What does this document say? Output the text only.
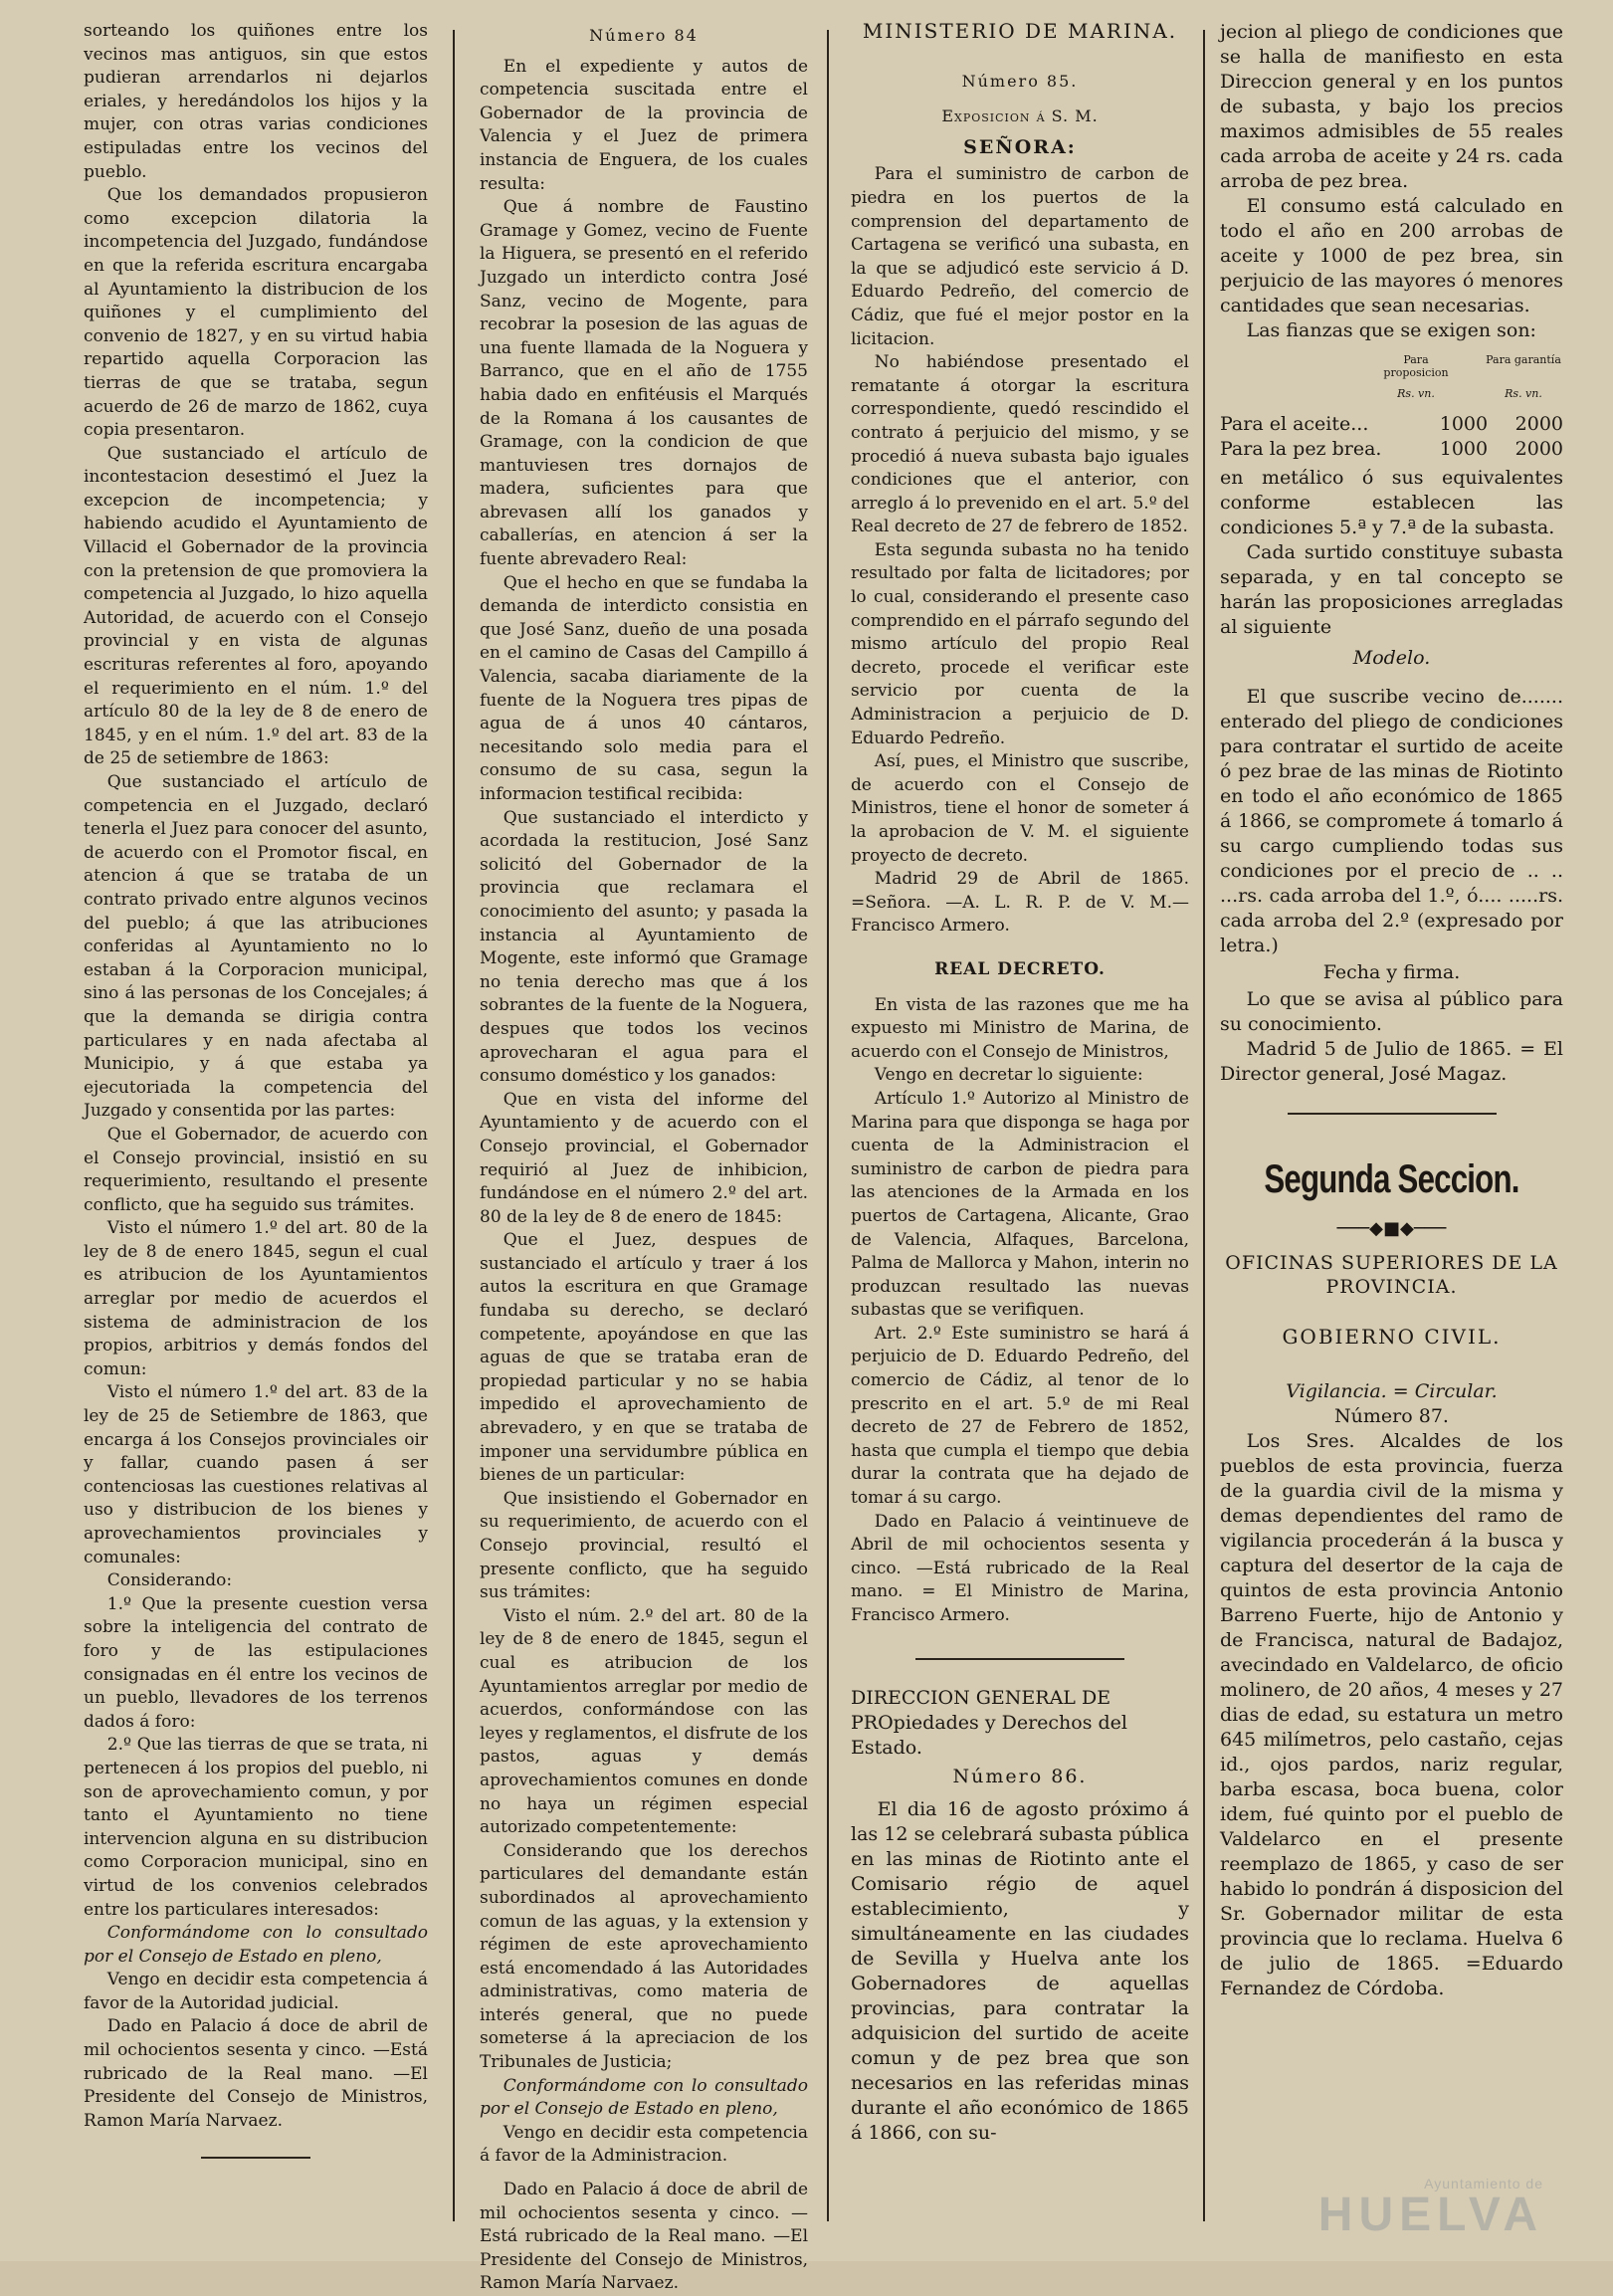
sorteando los quiñones entre los vecinos mas antiguos, sin que estos pudieran arrendarlos ni dejarlos eriales, y heredándolos los hijos y la mujer, con otras varias condiciones estipuladas entre los vecinos del pueblo.

Que los demandados propusieron como excepcion dilatoria la incompetencia del Juzgado, fundándose en que la referida escritura encargaba al Ayuntamiento la distribucion de los quiñones y el cumplimiento del convenio de 1827, y en su virtud habia repartido aquella Corporacion las tierras de que se trataba, segun acuerdo de 26 de marzo de 1862, cuya copia presentaron.

Que sustanciado el artículo de incontestacion desestimó el Juez la excepcion de incompetencia; y habiendo acudido el Ayuntamiento de Villacid el Gobernador de la provincia con la pretension de que promoviera la competencia al Juzgado, lo hizo aquella Autoridad, de acuerdo con el Consejo provincial y en vista de algunas escrituras referentes al foro, apoyando el requerimiento en el núm. 1.º del artículo 80 de la ley de 8 de enero de 1845, y en el núm. 1.º del art. 83 de la de 25 de setiembre de 1863:

Que sustanciado el artículo de competencia en el Juzgado, declaró tenerla el Juez para conocer del asunto, de acuerdo con el Promotor fiscal, en atencion á que se trataba de un contrato privado entre algunos vecinos del pueblo; á que las atribuciones conferidas al Ayuntamiento no lo estaban á la Corporacion municipal, sino á las personas de los Concejales; á que la demanda se dirigia contra particulares y en nada afectaba al Municipio, y á que estaba ya ejecutoriada la competencia del Juzgado y consentida por las partes:

Que el Gobernador, de acuerdo con el Consejo provincial, insistió en su requerimiento, resultando el presente conflicto, que ha seguido sus trámites.

Visto el número 1.º del art. 80 de la ley de 8 de enero 1845, segun el cual es atribucion de los Ayuntamientos arreglar por medio de acuerdos el sistema de administracion de los propios, arbitrios y demás fondos del comun:

Visto el número 1.º del art. 83 de la ley de 25 de Setiembre de 1863, que encarga á los Consejos provinciales oir y fallar, cuando pasen á ser contenciosas las cuestiones relativas al uso y distribucion de los bienes y aprovechamientos provinciales y comunales:

Considerando:

1.º Que la presente cuestion versa sobre la inteligencia del contrato de foro y de las estipulaciones consignadas en él entre los vecinos de un pueblo, llevadores de los terrenos dados á foro:

2.º Que las tierras de que se trata, ni pertenecen á los propios del pueblo, ni son de aprovechamiento comun, y por tanto el Ayuntamiento no tiene intervencion alguna en su distribucion como Corporacion municipal, sino en virtud de los convenios celebrados entre los particulares interesados:

Conformándome con lo consultado por el Consejo de Estado en pleno,

Vengo en decidir esta competencia á favor de la Autoridad judicial.

Dado en Palacio á doce de abril de mil ochocientos sesenta y cinco. —Está rubricado de la Real mano. —El Presidente del Consejo de Ministros, Ramon María Narvaez.

Número 84

En el expediente y autos de competencia suscitada entre el Gobernador de la provincia de Valencia y el Juez de primera instancia de Enguera, de los cuales resulta:

Que á nombre de Faustino Gramage y Gomez, vecino de Fuente la Higuera, se presentó en el referido Juzgado un interdicto contra José Sanz, vecino de Mogente, para recobrar la posesion de las aguas de una fuente llamada de la Noguera y Barranco, que en el año de 1755 habia dado en enfitéusis el Marqués de la Romana á los causantes de Gramage, con la condicion de que mantuviesen tres dornajos de madera, suficientes para que abrevasen allí los ganados y caballerías, en atencion á ser la fuente abrevadero Real:

Que el hecho en que se fundaba la demanda de interdicto consistia en que José Sanz, dueño de una posada en el camino de Casas del Campillo á Valencia, sacaba diariamente de la fuente de la Noguera tres pipas de agua de á unos 40 cántaros, necesitando solo media para el consumo de su casa, segun la informacion testifical recibida:

Que sustanciado el interdicto y acordada la restitucion, José Sanz solicitó del Gobernador de la provincia que reclamara el conocimiento del asunto; y pasada la instancia al Ayuntamiento de Mogente, este informó que Gramage no tenia derecho mas que á los sobrantes de la fuente de la Noguera, despues que todos los vecinos aprovecharan el agua para el consumo doméstico y los ganados:

Que en vista del informe del Ayuntamiento y de acuerdo con el Consejo provincial, el Gobernador requirió al Juez de inhibicion, fundándose en el número 2.º del art. 80 de la ley de 8 de enero de 1845:

Que el Juez, despues de sustanciado el artículo y traer á los autos la escritura en que Gramage fundaba su derecho, se declaró competente, apoyándose en que las aguas de que se trataba eran de propiedad particular y no se habia impedido el aprovechamiento de abrevadero, y en que se trataba de imponer una servidumbre pública en bienes de un particular:

Que insistiendo el Gobernador en su requerimiento, de acuerdo con el Consejo provincial, resultó el presente conflicto, que ha seguido sus trámites:

Visto el núm. 2.º del art. 80 de la ley de 8 de enero de 1845, segun el cual es atribucion de los Ayuntamientos arreglar por medio de acuerdos, conformándose con las leyes y reglamentos, el disfrute de los pastos, aguas y demás aprovechamientos comunes en donde no haya un régimen especial autorizado competentemente:

Considerando que los derechos particulares del demandante están subordinados al aprovechamiento comun de las aguas, y la extension y régimen de este aprovechamiento está encomendado á las Autoridades administrativas, como materia de interés general, que no puede someterse á la apreciacion de los Tribunales de Justicia;

Conformándome con lo consultado por el Consejo de Estado en pleno,

Vengo en decidir esta competencia á favor de la Administracion.

Dado en Palacio á doce de abril de mil ochocientos sesenta y cinco. —Está rubricado de la Real mano. —El Presidente del Consejo de Ministros, Ramon María Narvaez.

MINISTERIO DE MARINA.
Número 85.
Exposicion á S. M.
SEÑORA:

Para el suministro de carbon de piedra en los puertos de la comprension del departamento de Cartagena se verificó una subasta, en la que se adjudicó este servicio á D. Eduardo Pedreño, del comercio de Cádiz, que fué el mejor postor en la licitacion.

No habiéndose presentado el rematante á otorgar la escritura correspondiente, quedó rescindido el contrato á perjuicio del mismo, y se procedió á nueva subasta bajo iguales condiciones que el anterior, con arreglo á lo prevenido en el art. 5.º del Real decreto de 27 de febrero de 1852.

Esta segunda subasta no ha tenido resultado por falta de licitadores; por lo cual, considerando el presente caso comprendido en el párrafo segundo del mismo artículo del propio Real decreto, procede el verificar este servicio por cuenta de la Administracion a perjuicio de D. Eduardo Pedreño.

Así, pues, el Ministro que suscribe, de acuerdo con el Consejo de Ministros, tiene el honor de someter á la aprobacion de V. M. el siguiente proyecto de decreto.

Madrid 29 de Abril de 1865. =Señora. —A. L. R. P. de V. M.— Francisco Armero.

REAL DECRETO.

En vista de las razones que me ha expuesto mi Ministro de Marina, de acuerdo con el Consejo de Ministros,

Vengo en decretar lo siguiente:

Artículo 1.º Autorizo al Ministro de Marina para que disponga se haga por cuenta de la Administracion el suministro de carbon de piedra para las atenciones de la Armada en los puertos de Cartagena, Alicante, Grao de Valencia, Alfaques, Barcelona, Palma de Mallorca y Mahon, interin no produzcan resultado las nuevas subastas que se verifiquen.

Art. 2.º Este suministro se hará á perjuicio de D. Eduardo Pedreño, del comercio de Cádiz, al tenor de lo prescrito en el art. 5.º de mi Real decreto de 27 de Febrero de 1852, hasta que cumpla el tiempo que debia durar la contrata que ha dejado de tomar á su cargo.

Dado en Palacio á veintinueve de Abril de mil ochocientos sesenta y cinco. —Está rubricado de la Real mano. = El Ministro de Marina, Francisco Armero.

DIRECCION GENERAL DE PROpiedades y Derechos del Estado.
Número 86.

El dia 16 de agosto próximo á las 12 se celebrará subasta pública en las minas de Riotinto ante el Comisario régio de aquel establecimiento, y simultáneamente en las ciudades de Sevilla y Huelva ante los Gobernadores de aquellas provincias, para contratar la adquisicion del surtido de aceite comun y de pez brea que son necesarios en las referidas minas durante el año económico de 1865 á 1866, con su-

jecion al pliego de condiciones que se halla de manifiesto en esta Direccion general y en los puntos de subasta, y bajo los precios maximos admisibles de 55 reales cada arroba de aceite y 24 rs. cada arroba de pez brea.

El consumo está calculado en todo el año en 200 arrobas de aceite y 1000 de pez brea, sin perjuicio de las mayores ó menores cantidades que sean necesarias.

Las fianzas que se exigen son:

Para proposicion
Para garantía
Rs. vn.	Rs. vn.
Para el aceite...	1000	2000
Para la pez brea.	1000	2000

en metálico ó sus equivalentes conforme establecen las condiciones 5.ª y 7.ª de la subasta.

Cada surtido constituye subasta separada, y en tal concepto se harán las proposiciones arregladas al siguiente

Modelo.

El que suscribe vecino de....... enterado del pliego de condiciones para contratar el surtido de aceite ó pez brae de las minas de Riotinto en todo el año económico de 1865 á 1866, se compromete á tomarlo á su cargo cumpliendo todas sus condiciones por el precio de .. .. ...rs. cada arroba del 1.º, ó.... .....rs. cada arroba del 2.º (expresado por letra.)

Fecha y firma.

Lo que se avisa al público para su conocimiento.

Madrid 5 de Julio de 1865. = El Director general, José Magaz.

Segunda Seccion.
───◆■◆───
OFICINAS SUPERIORES DE LA PROVINCIA.
GOBIERNO CIVIL.
Vigilancia. = Circular.
Número 87.

Los Sres. Alcaldes de los pueblos de esta provincia, fuerza de la guardia civil de la misma y demas dependientes del ramo de vigilancia procederán á la busca y captura del desertor de la caja de quintos de esta provincia Antonio Barreno Fuerte, hijo de Antonio y de Francisca, natural de Badajoz, avecindado en Valdelarco, de oficio molinero, de 20 años, 4 meses y 27 dias de edad, su estatura un metro 645 milímetros, pelo castaño, cejas id., ojos pardos, nariz regular, barba escasa, boca buena, color idem, fué quinto por el pueblo de Valdelarco en el presente reemplazo de 1865, y caso de ser habido lo pondrán á disposicion del Sr. Gobernador militar de esta provincia que lo reclama. Huelva 6 de julio de 1865. =Eduardo Fernandez de Córdoba.

Ayuntamiento de
HUELVA
